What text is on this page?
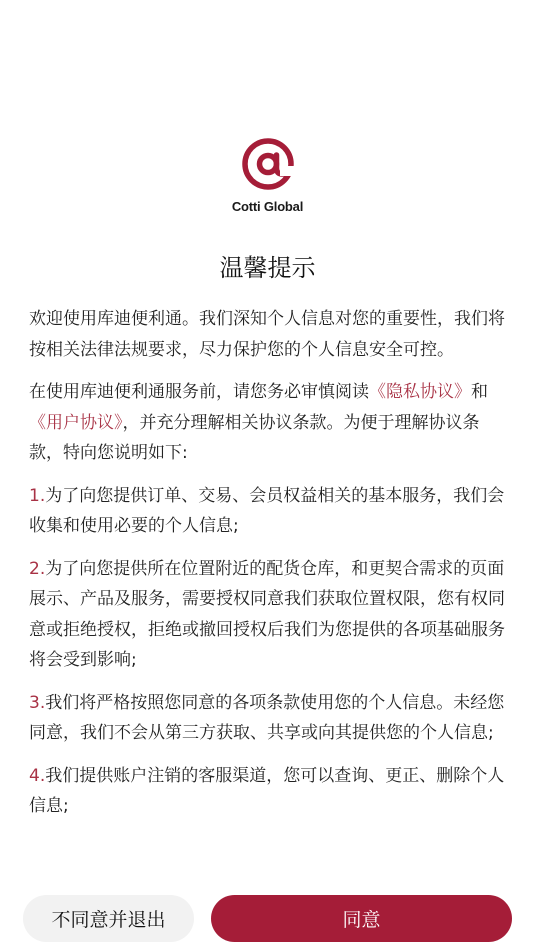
Cotti Global
温馨提示

欢迎使用库迪便利通。我们深知个人信息对您的重要性，我们将按相关法律法规要求，尽力保护您的个人信息安全可控。

在使用库迪便利通服务前，请您务必审慎阅读《隐私协议》和《用户协议》，并充分理解相关协议条款。为便于理解协议条款，特向您说明如下:

1.为了向您提供订单、交易、会员权益相关的基本服务，我们会收集和使用必要的个人信息;

2.为了向您提供所在位置附近的配货仓库，和更契合需求的页面展示、产品及服务，需要授权同意我们获取位置权限，您有权同意或拒绝授权，拒绝或撤回授权后我们为您提供的各项基础服务将会受到影响;

3.我们将严格按照您同意的各项条款使用您的个人信息。未经您同意，我们不会从第三方获取、共享或向其提供您的个人信息;

4.我们提供账户注销的客服渠道，您可以查询、更正、删除个人信息;

不同意并退出	同意
